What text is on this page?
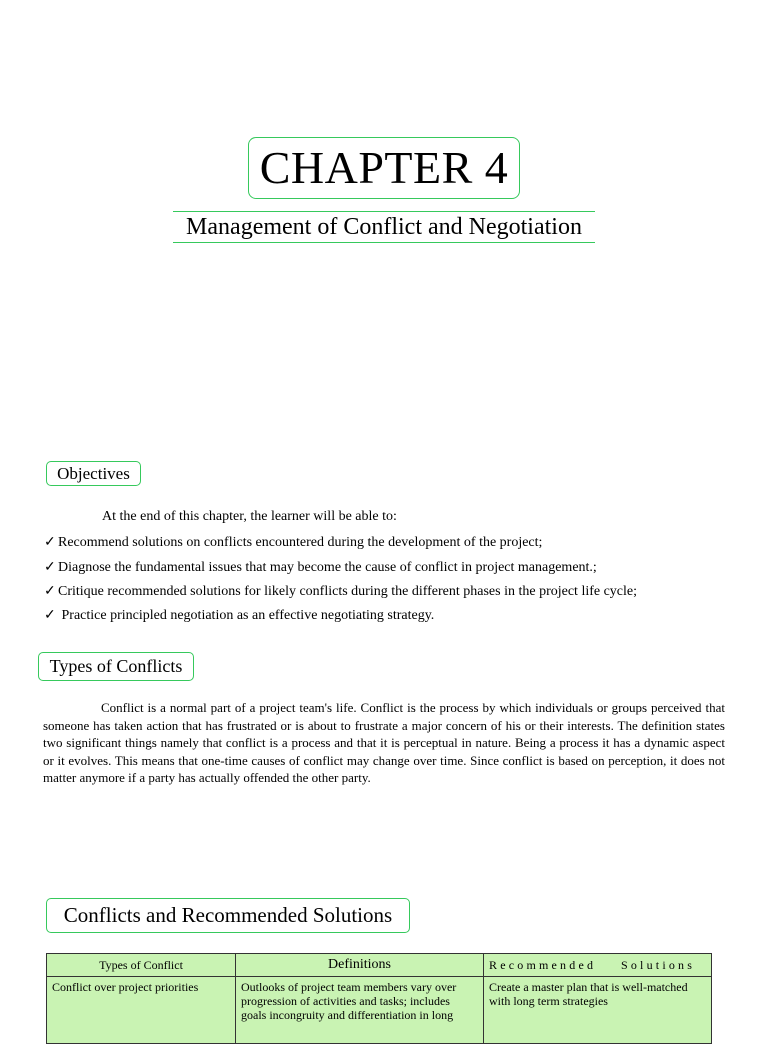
CHAPTER 4
Management of Conflict and Negotiation
Objectives
At the end of this chapter, the learner will be able to:
✓ Recommend solutions on conflicts encountered during the development of the project;
✓ Diagnose the fundamental issues that may become the cause of conflict in project management.;
✓ Critique recommended solutions for likely conflicts during the different phases in the project life cycle;
✓ Practice principled negotiation as an effective negotiating strategy.
Types of Conflicts
Conflict is a normal part of a project team's life. Conflict is the process by which individuals or groups perceived that someone has taken action that has frustrated or is about to frustrate a major concern of his or their interests. The definition states two significant things namely that conflict is a process and that it is perceptual in nature. Being a process it has a dynamic aspect or it evolves. This means that one-time causes of conflict may change over time. Since conflict is based on perception, it does not matter anymore if a party has actually offended the other party.
Conflicts and Recommended Solutions
Types of Conflict	Definitions	Recommended    Solutions
Conflict over project priorities	Outlooks of project team members vary over progression of activities and tasks; includes goals incongruity and differentiation in long	Create a master plan that is well-matched with long term strategies
